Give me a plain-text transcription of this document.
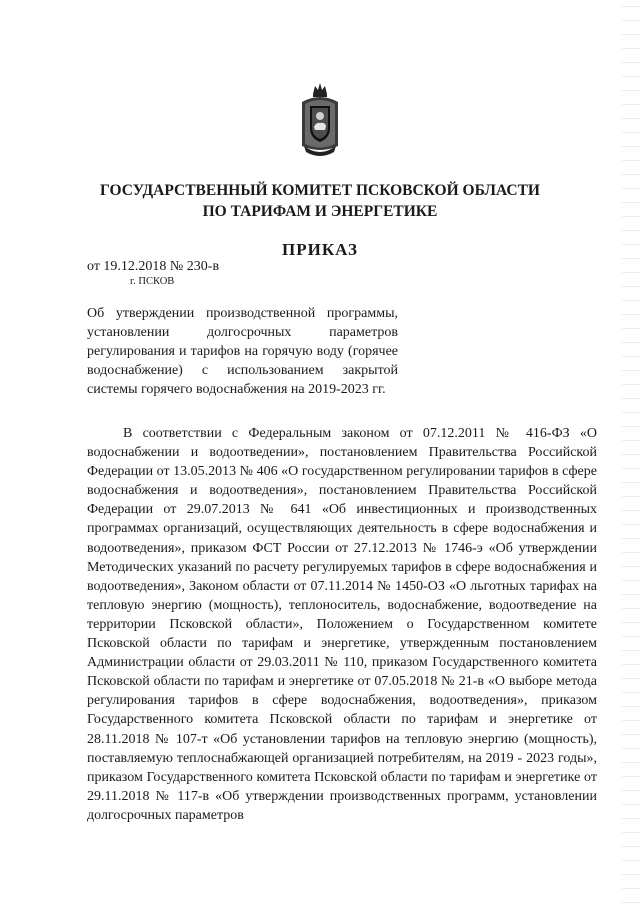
ГОСУДАРСТВЕННЫЙ КОМИТЕТ ПСКОВСКОЙ ОБЛАСТИ
ПО ТАРИФАМ И ЭНЕРГЕТИКЕ
ПРИКАЗ
от 19.12.2018 № 230-в
г. ПСКОВ
Об утверждении производственной программы, установлении долгосрочных параметров регулирования и тарифов на горячую воду (горячее водоснабжение) с использованием закрытой системы горячего водоснабжения на 2019-2023 гг.
В соответствии с Федеральным законом от 07.12.2011 № 416-ФЗ «О водоснабжении и водоотведении», постановлением Правительства Российской Федерации от 13.05.2013 № 406 «О государственном регулировании тарифов в сфере водоснабжения и водоотведения», постановлением Правительства Российской Федерации от 29.07.2013 № 641 «Об инвестиционных и производственных программах организаций, осуществляющих деятельность в сфере водоснабжения и водоотведения», приказом ФСТ России от 27.12.2013 № 1746-э «Об утверждении Методических указаний по расчету регулируемых тарифов в сфере водоснабжения и водоотведения», Законом области от 07.11.2014 № 1450-ОЗ «О льготных тарифах на тепловую энергию (мощность), теплоноситель, водоснабжение, водоотведение на территории Псковской области», Положением о Государственном комитете Псковской области по тарифам и энергетике, утвержденным постановлением Администрации области от 29.03.2011 № 110, приказом Государственного комитета Псковской области по тарифам и энергетике от 07.05.2018 № 21-в «О выборе метода регулирования тарифов в сфере водоснабжения, водоотведения», приказом Государственного комитета Псковской области по тарифам и энергетике от 28.11.2018 № 107-т «Об установлении тарифов на тепловую энергию (мощность), поставляемую теплоснабжающей организацией потребителям, на 2019 - 2023 годы», приказом Государственного комитета Псковской области по тарифам и энергетике от 29.11.2018 № 117-в «Об утверждении производственных программ, установлении долгосрочных параметров
